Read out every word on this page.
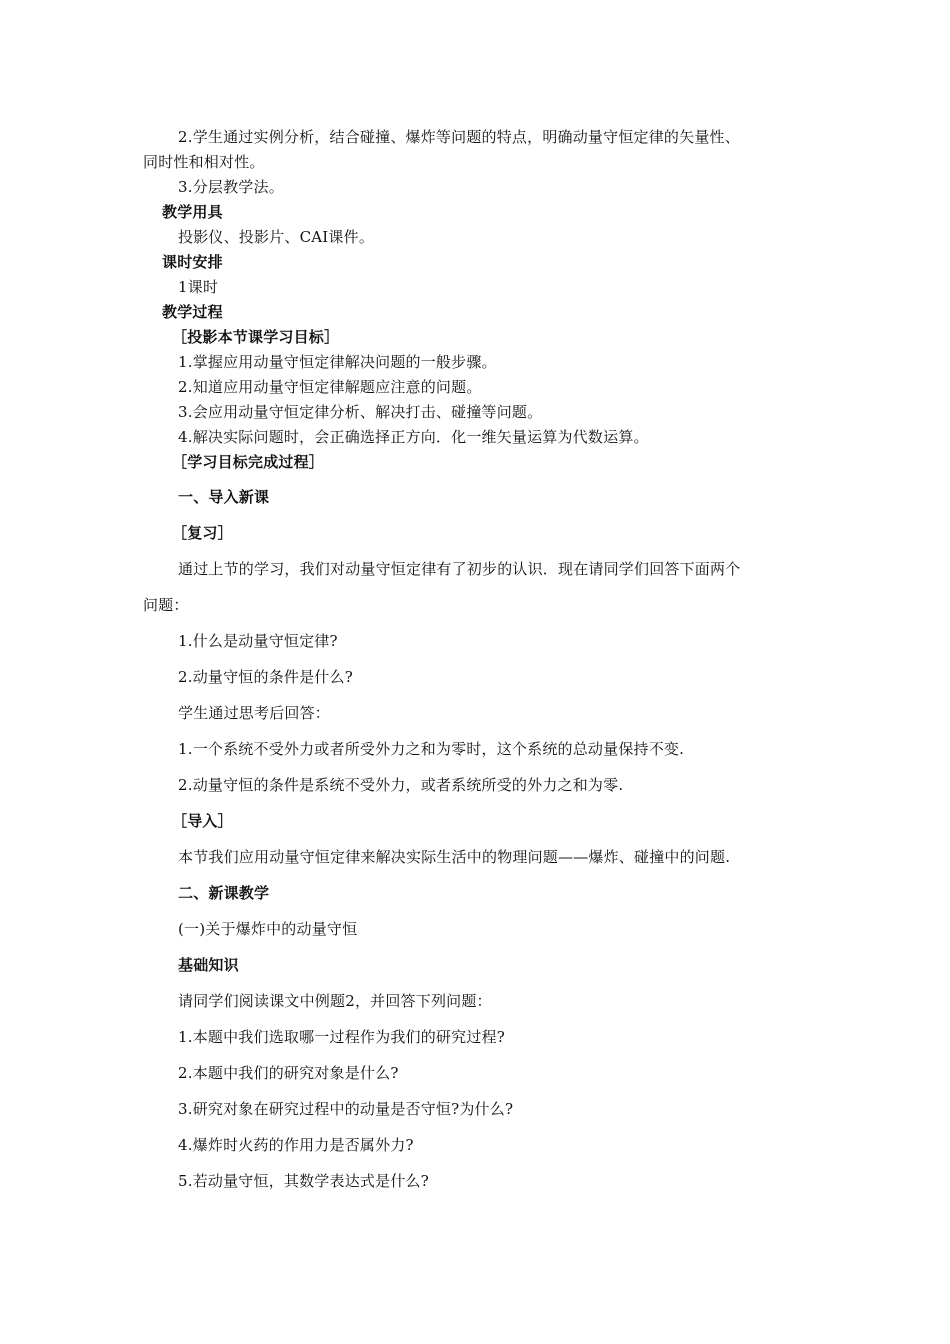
2.学生通过实例分析，结合碰撞、爆炸等问题的特点，明确动量守恒定律的矢量性、
同时性和相对性。
3.分层教学法。
教学用具
投影仪、投影片、CAI课件。
课时安排
1课时
教学过程
［投影本节课学习目标］
1.掌握应用动量守恒定律解决问题的一般步骤。
2.知道应用动量守恒定律解题应注意的问题。
3.会应用动量守恒定律分析、解决打击、碰撞等问题。
4.解决实际问题时，会正确选择正方向．化一维矢量运算为代数运算。
［学习目标完成过程］
一、导入新课
［复习］
通过上节的学习，我们对动量守恒定律有了初步的认识．现在请同学们回答下面两个
问题：
1.什么是动量守恒定律?
2.动量守恒的条件是什么?
学生通过思考后回答：
1.一个系统不受外力或者所受外力之和为零时，这个系统的总动量保持不变.
2.动量守恒的条件是系统不受外力，或者系统所受的外力之和为零.
［导入］
本节我们应用动量守恒定律来解决实际生活中的物理问题——爆炸、碰撞中的问题.
二、新课教学
(一)关于爆炸中的动量守恒
基础知识
请同学们阅读课文中例题2，并回答下列问题：
1.本题中我们选取哪一过程作为我们的研究过程?
2.本题中我们的研究对象是什么?
3.研究对象在研究过程中的动量是否守恒?为什么?
4.爆炸时火药的作用力是否属外力?
5.若动量守恒，其数学表达式是什么?
